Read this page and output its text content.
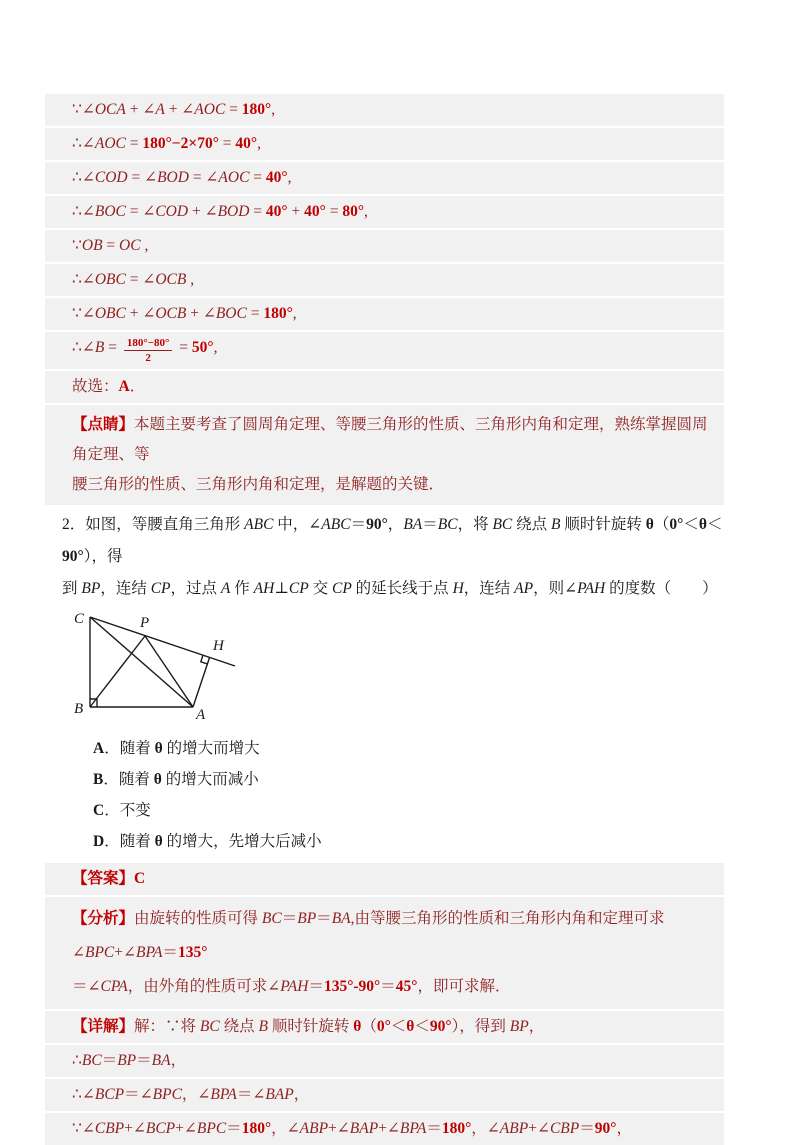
∵∠OCA + ∠A + ∠AOC = 180°,
∴∠AOC = 180°−2×70° = 40°,
∴∠COD = ∠BOD = ∠AOC = 40°,
∴∠BOC = ∠COD + ∠BOD = 40° + 40° = 80°,
∵OB = OC ,
∴∠OBC = ∠OCB ,
∵∠OBC + ∠OCB + ∠BOC = 180°,
∴∠B = $\frac{180^\circ-80^\circ}{2} = 50^\circ$,
故选：A．
【点睛】本题主要考查了圆周角定理、等腰三角形的性质、三角形内角和定理，熟练掌握圆周角定理、等
腰三角形的性质、三角形内角和定理，是解题的关键．
2．如图，等腰直角三角形 ABC 中，∠ABC＝90°，BA＝BC，将 BC 绕点 B 顺时针旋转 θ（0°＜θ＜90°），得
到 BP，连结 CP，过点 A 作 AH⊥CP 交 CP 的延长线于点 H，连结 AP，则∠PAH 的度数（　　）
C	P
H
B	A
A．随着 θ 的增大而增大
B．随着 θ 的增大而减小
C．不变
D．随着 θ 的增大，先增大后减小
【答案】C
【分析】由旋转的性质可得 BC＝BP＝BA,由等腰三角形的性质和三角形内角和定理可求∠BPC+∠BPA＝135°
＝∠CPA，由外角的性质可求∠PAH＝135°-90°＝45°，即可求解．
【详解】解：∵将 BC 绕点 B 顺时针旋转 θ（0°＜θ＜90°），得到 BP，
∴BC＝BP＝BA，
∴∠BCP＝∠BPC，∠BPA＝∠BAP，
∵∠CBP+∠BCP+∠BPC＝180°，∠ABP+∠BAP+∠BPA＝180°，∠ABP+∠CBP＝90°，
